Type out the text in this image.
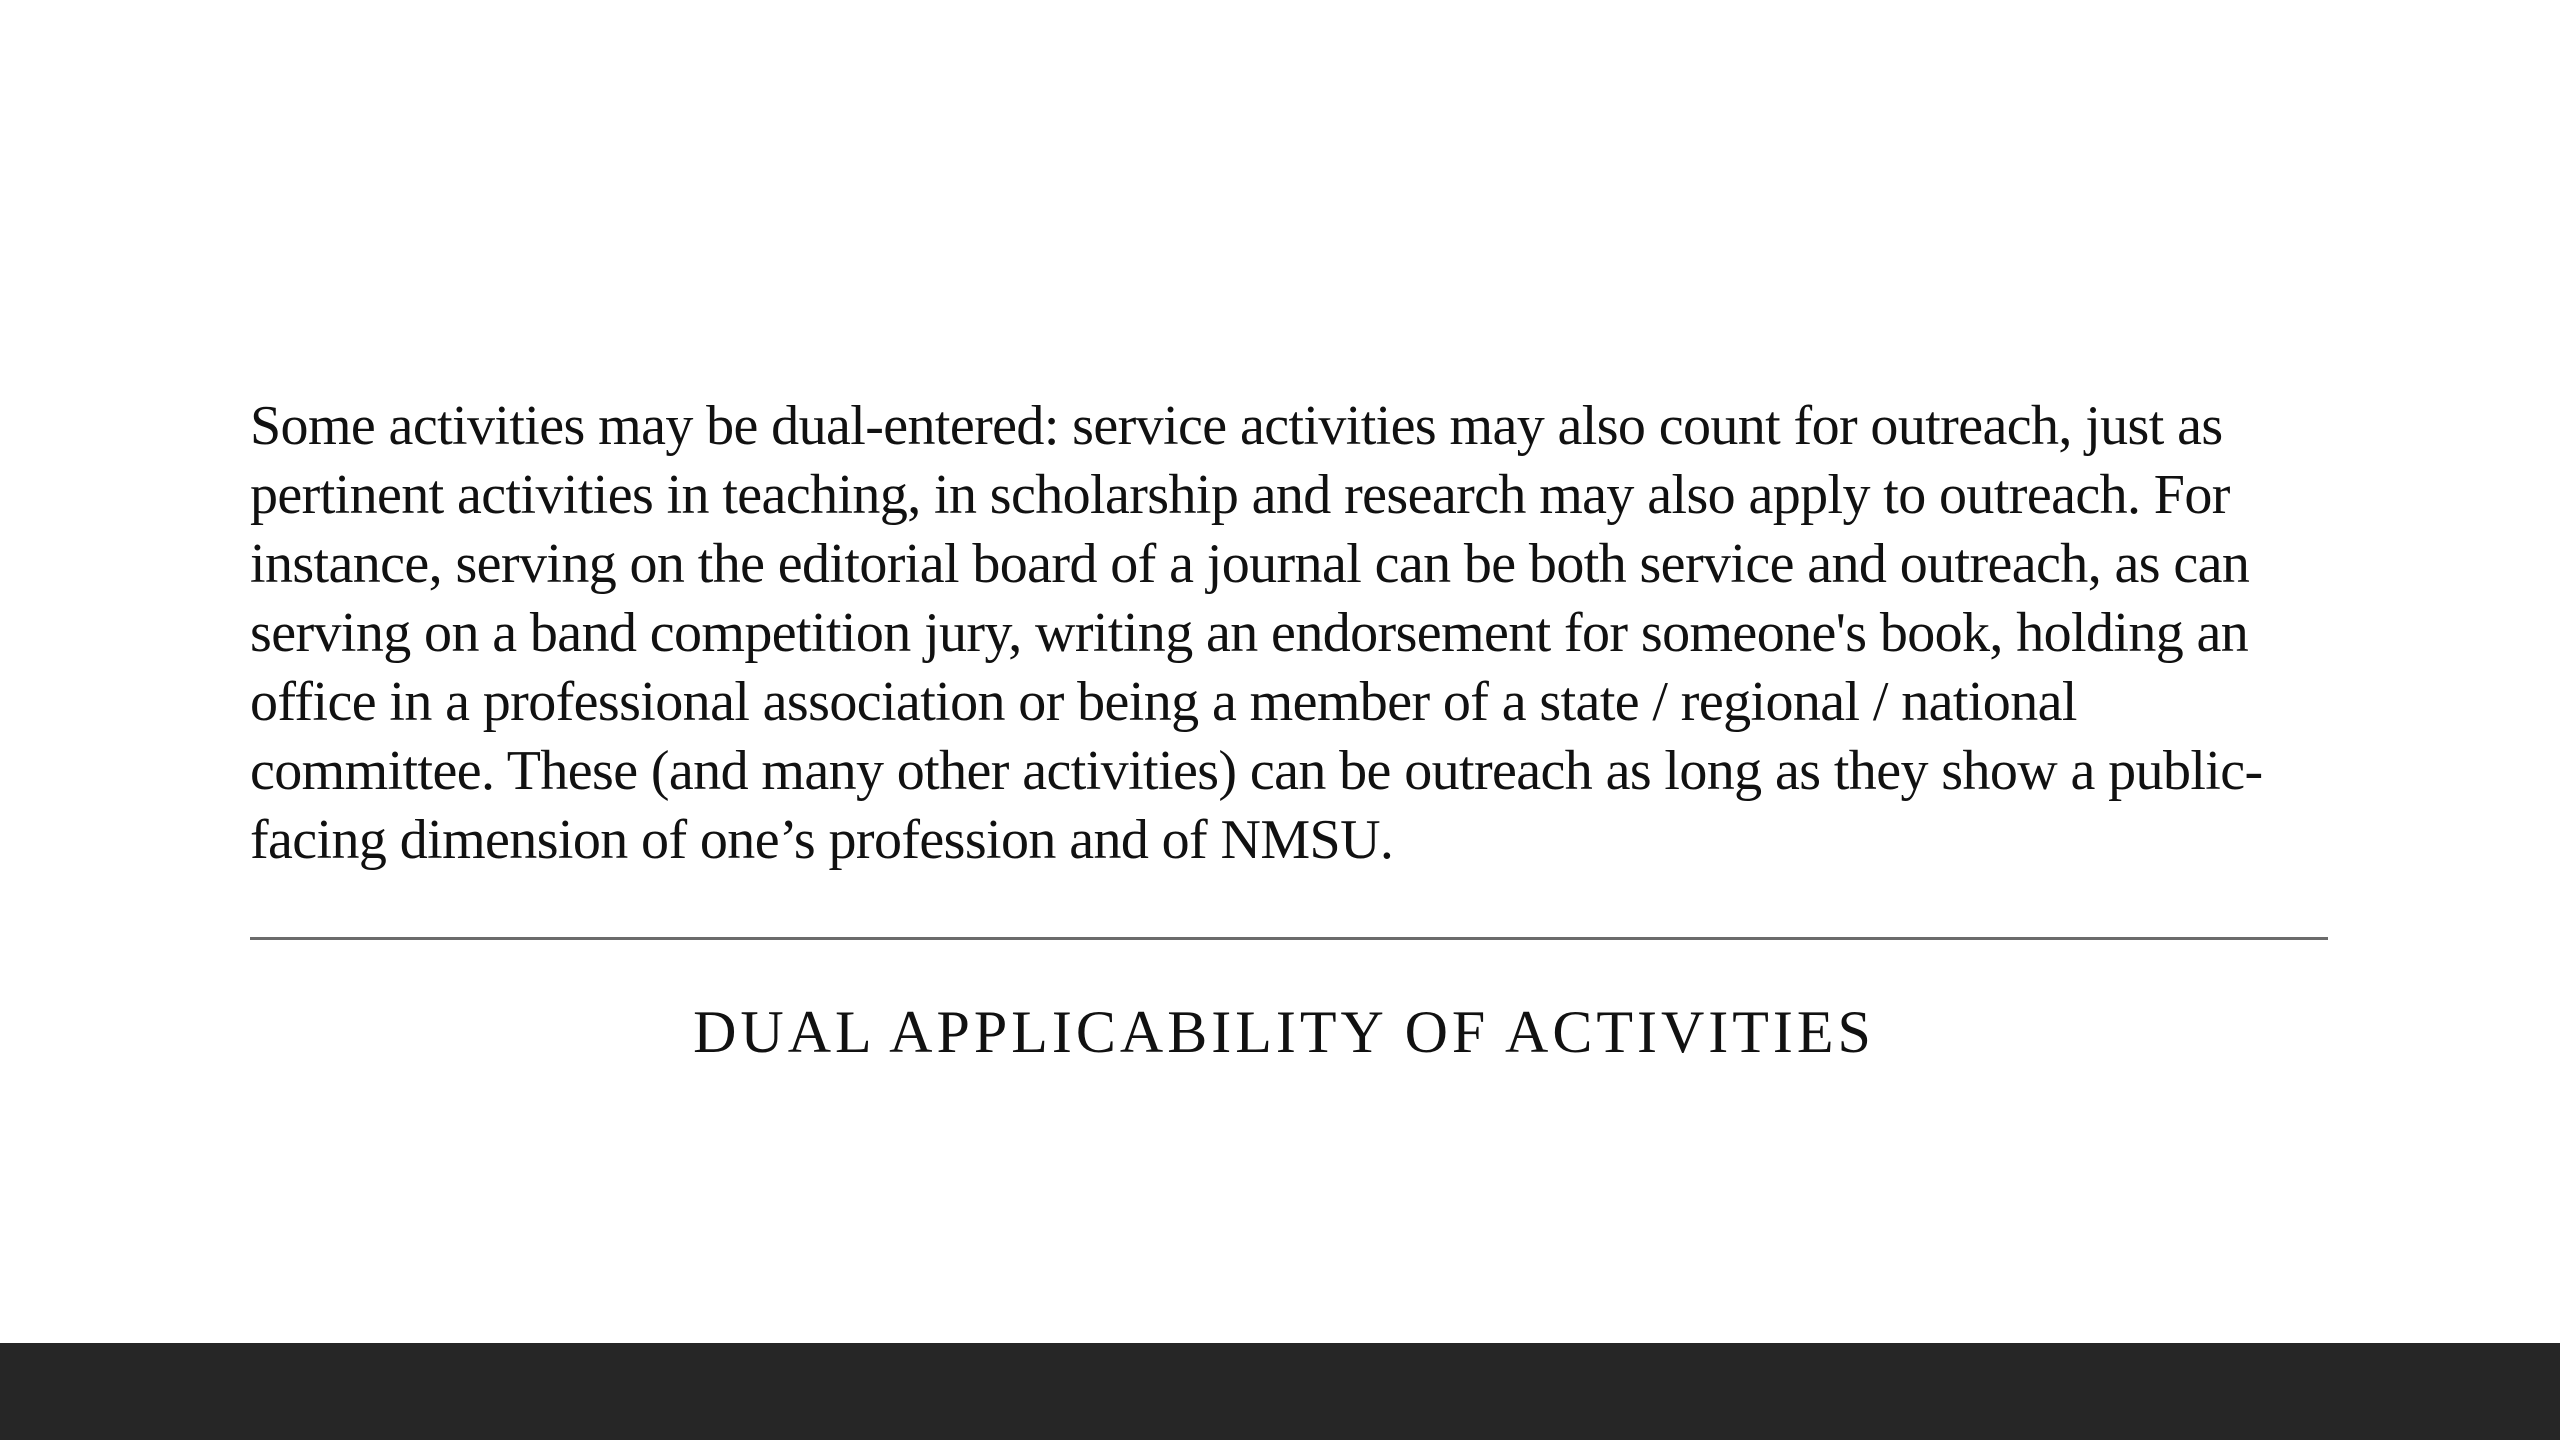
Some activities may be dual-entered: service activities may also count for outreach, just as pertinent activities in teaching, in scholarship and research may also apply to outreach. For instance, serving on the editorial board of a journal can be both service and outreach, as can serving on a band competition jury, writing an endorsement for someone's book, holding an office in a professional association or being a member of a state / regional / national committee. These (and many other activities) can be outreach as long as they show a public-facing dimension of one’s profession and of NMSU.

DUAL APPLICABILITY OF ACTIVITIES
